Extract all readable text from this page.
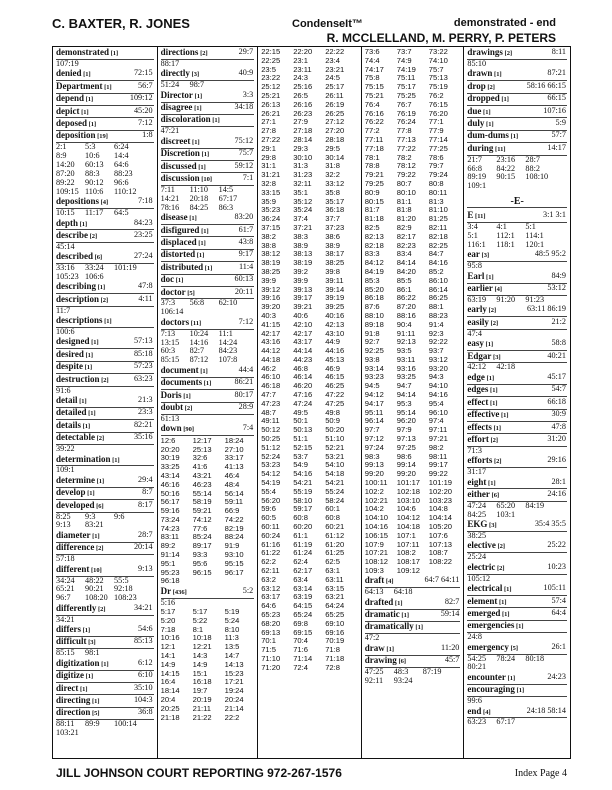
C. BAXTER, R. JONES	CondenseIt™	demonstrated - end
R. MCCLELLAND, M. PERRY, P. PETERS
demonstrated [1]
107:19
denied [1]	72:15
Department [1]	56:7
depend [1]	109:12
depict [1]	45:20
deposed [1]	7:12
deposition [19]	1:8
2:1 5:3 6:24
8:9 10:6 14:4
14:20 60:13 64:6
87:20 88:3 88:23
89:22 90:12 96:6
109:15 110:6 110:12
depositions [4]	7:18
10:15 11:17 64:5
depth [1]	84:23
describe [2]	23:25
45:14
described [6]	27:24
33:16 33:24 101:19
105:23 106:6
describing [1]	47:8
description [2]	4:11
11:7
descriptions [1]
100:6
designed [1]	57:13
desired [1]	85:18
despite [1]	57:23
destruction [2]	63:23
91:6
detail [1]	21:3
detailed [1]	23:3
details [1]	82:21
detectable [2]	35:16
39:22
determination [1]
109:1
determine [1]	29:4
develop [1]	8:7
developed [6]	8:17
8:25 9:3 9:6
9:13 83:21
diameter [1]	28:7
difference [2]	20:14
57:18
different [10]	9:13
34:24 48:22 55:5
65:21 90:21 92:18
96:7 108:20 108:23
differently [2]	34:21
34:21
differs [1]	54:6
difficult [3]	85:13
85:15 98:1
digitization [1]	6:12
digitize [1]	6:10
direct [1]	35:10
directing [1]	104:3
direction [5]	36:8
88:11 89:9 100:14
103:21
directions [2]	29:7
88:17
directly [3]	40:9
51:24 98:7
Director [1]	3:3
disagree [1]	34:18
discoloration [1]
47:21
discreet [1]	75:12
Discretion [1]	75:7
discussed [1]	59:12
discussion [10]	7:1
7:11 11:10 14:5
14:21 20:18 67:17
78:16 84:25 86:3
disease [1]	83:20
disfigured [1]	61:7
displaced [1]	43:8
distorted [1]	9:17
distributed [1]	11:4
doc [1]	60:13
doctor [5]	20:11
37:3 56:8 62:10
106:14
doctors [11]	7:12
7:13 10:24 11:1
13:15 14:16 14:24
60:3 82:7 84:23
85:15 87:12 107:8
document [1]	44:4
documents [1]	86:21
Doris [1]	80:17
doubt [2]	28:9
61:13
down [90]	7:4
12:6 12:17 18:24
20:20 25:13 27:10
30:19 32:6 33:17
33:25 41:6 41:13
43:14 43:21 46:4
46:16 46:23 48:4
50:16 55:14 56:14
56:17 58:19 59:11
59:16 59:21 66:9
73:24 74:12 74:22
74:23 77:6 82:19
83:11 85:24 88:24
89:2 89:17 91:9
91:14 93:3 93:10
95:1 95:6 95:15
95:23 96:15 96:17
96:18
Dr [436]	5:2
5:16
5:17 5:17 5:19
5:20 5:22 5:24
7:18 8:1	8:10
10:16 10:18 11:3
12:1 12:21 13:5
14:1 14:3 14:7
14:9 14:9 14:13
14:15 15:1 15:23
16:4 16:18 17:21
18:14 19:7 19:24
20:4 20:19 20:24
20:25 21:11 21:14
21:18 21:22 22:2
22:15 22:20 22:22
22:25 23:1 23:4
23:5 23:11 23:21
23:22 24:3 24:5
25:12 25:16 25:17
25:21 26:5 26:11
26:13 26:16 26:19
26:21 26:23 26:25
27:1 27:9 27:12
27:8 27:18 27:20
27:22 28:14 28:18
29:1 29:3 29:5
29:8 30:10 30:14
31:1 31:3 31:8
31:21 31:23 32:2
32:8 32:11 33:12
33:15 35:1 35:8
35:9 35:12 35:17
35:23 35:24 36:18
36:24 37:4 37:7
37:15 37:21 37:23
38:2 38:3 38:6
38:8 38:9 38:9
38:12 38:13 38:17
38:19 38:19 38:25
38:25 39:2 39:8
39:9 39:9 39:11
39:12 39:13 39:14
39:16 39:17 39:19
39:20 39:21 39:25
40:3 40:6 40:16
41:15 42:10 42:13
42:17 42:17 43:10
43:16 43:17 44:9
44:12 44:14 44:16
44:18 44:23 45:13
46:2 46:8 46:9
46:10 46:14 46:15
46:18 46:20 46:25
47:7 47:16 47:22
47:23 47:24 47:25
48:7 49:5 49:8
49:11 50:1 50:9
50:12 50:13 50:20
50:25 51:1 51:10
51:12 52:15 52:21
52:24 53:7 53:21
53:23 54:9 54:10
54:12 54:16 54:18
54:19 54:21 54:21
55:4 55:19 55:24
56:20 58:10 58:24
59:6 59:17 60:1
60:5 60:8 60:8
60:11 60:20 60:21
60:24 61:1 61:12
61:16 61:19 61:20
61:22 61:24 61:25
62:2 62:4 62:5
62:11 62:17 63:1
63:2 63:4 63:11
63:12 63:14 63:15
63:17 63:19 63:21
64:6 64:15 64:24
65:23 65:24 65:25
68:20 69:8 69:10
69:13 69:15 69:16
70:1 70:4 70:19
71:5 71:6 71:8
71:10 71:14 71:18
71:20 72:4 72:8
73:6 73:7 73:22
74:4 74:9 74:10
74:17 74:19 75:7
75:8 75:11 75:13
75:15 75:17 75:19
75:21 75:25 76:2
76:4 76:7 76:15
76:16 76:19 76:20
76:22 76:24 77:1
77:2 77:8 77:9
77:11 77:13 77:14
77:18 77:22 77:25
78:1 78:2 78:6
78:8 78:12 79:7
79:21 79:22 79:24
79:25 80:7 80:8
80:9 80:10 80:11
80:15 81:1 81:3
81:7 81:8 81:10
81:18 81:20 81:25
82:5 82:9 82:11
82:13 82:17 82:18
82:18 82:23 82:25
83:3 83:4 84:7
84:12 84:14 84:16
84:19 84:20 85:2
85:3 85:5 86:10
85:20 86:1 86:14
86:18 86:22 86:25
87:6 87:20 88:1
88:10 88:16 88:23
89:18 90:4 91:4
91:8 91:11 92:3
92:7 92:13 92:22
92:25 93:5 93:7
93:8 93:11 93:12
93:14 93:16 93:20
93:23 93:25 94:3
94:5 94:7 94:10
94:12 94:14 94:16
94:17 95:3 95:4
95:11 95:14 96:10
96:14 96:20 97:4
97:7 97:9 97:11
97:12 97:13 97:21
97:24 97:25 98:2
98:3 98:6 98:11
99:13 99:14 99:17
99:20 99:20 99:22
100:11 101:17 101:19
102:2 102:18 102:20
102:21 103:10 103:23
104:2 104:6 104:8
104:10 104:12 104:14
104:16 104:18 105:20
106:15 107:1 107:6
107:9 107:11 107:13
107:21 108:2 108:7
108:12 108:17 108:22
109:3 109:12
draft [4]	64:7 64:11
64:13 64:18
drafted [1]	82:7
dramatic [1]	59:14
dramatically [1]
47:2
draw [1]	11:20
drawing [6]	45:7
47:25 48:3 87:19
92:11 93:24
drawings [2]	8:11
85:10
drawn [1]	87:21
drop [2]	58:16 66:15
dropped [1]	66:15
due [1]	107:16
duly [1]	5:9
dum-dums [1]	57:7
during [11]	14:17
21:7 23:16 28:7
66:8 84:22 88:2
89:19 90:15 108:10
109:1
-E-
E [11]	3:1 3:1
3:4 4:1 5:1
5:1 112:1 114:1
116:1 118:1 120:1
ear [3]	48:5 95:2
95:8
Earl [1]	84:9
earlier [4]	53:12
63:19 91:20 91:23
early [2]	63:11 86:19
easily [2]	21:2
47:4
easy [1]	58:8
Edgar [3]	40:21
42:12 42:18
edge [1]	45:17
edges [1]	54:7
effect [1]	66:18
effective [1]	30:9
effects [1]	47:8
effort [2]	31:20
71:3
efforts [2]	29:16
31:17
eight [1]	28:1
either [6]	24:16
47:24 65:20 84:19
84:25 103:1
EKG [3]	35:4 35:5
38:25
elective [2]	25:22
25:24
electric [2]	10:23
105:12
electrical [1]	105:11
element [1]	57:4
emerged [1]	64:4
emergencies [1]
24:8
emergency [5]	26:1
54:25 78:24 80:18
80:21
encounter [1]	24:23
encouraging [1]
99:6
end [4]	24:18 58:14
63:23 67:17
JILL JOHNSON COURT REPORTING 972-267-1576	Index Page 4
